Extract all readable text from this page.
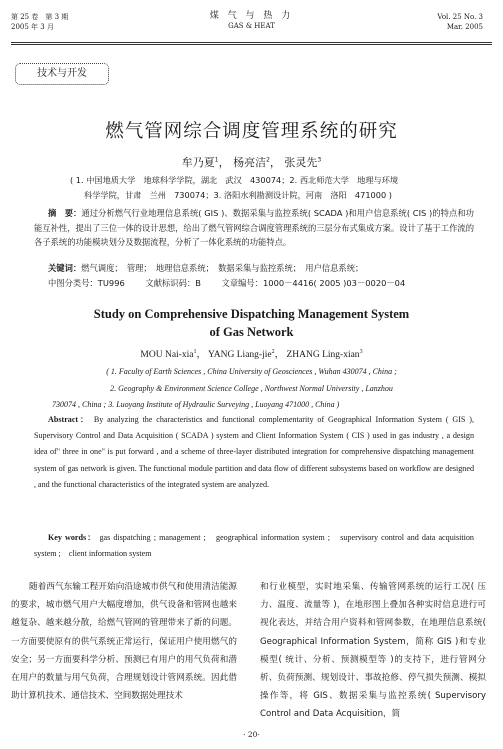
第 25 卷　第 3 期
2005 年 3 月
煤 气 与 热 力
GAS & HEAT
Vol. 25 No. 3
Mar. 2005
技术与开发
燃气管网综合调度管理系统的研究
牟乃夏$^1$， 杨亮洁$^2$， 张灵先$^3$
( 1. 中国地质大学　地球科学学院，湖北　武汉　430074；2. 西北师范大学　地理与环境
科学学院，甘肃　兰州　730074；3. 洛阳水利勘测设计院，河南　洛阳　471000 )
摘　要：通过分析燃气行业地理信息系统( GIS )、数据采集与监控系统( SCADA )和用户信息系统( CIS )的特点和功能互补性，提出了三位一体的设计思想，给出了燃气管网综合调度管理系统的三层分布式集成方案。设计了基于工作流的各子系统的功能模块划分及数据流程，分析了一体化系统的功能特点。
关键词：燃气调度；　管理；　地理信息系统；　数据采集与监控系统；　用户信息系统；
中图分类号：TU996 文献标识码：B 文章编号：1000－4416( 2005 )03－0020－04
Study on Comprehensive Dispatching Management System
of Gas Network
MOU Nai-xia$^1$， YANG Liang-jie$^2$， ZHANG Ling-xian$^3$
( 1. Faculty of Earth Sciences , China University of Geosciences , Wuhan 430074 , China ;
2. Geography & Environment Science College , Northwest Normal University , Lanzhou
730074 , China ; 3. Luoyang Institute of Hydraulic Surveying , Luoyang 471000 , China )
Abstract： By analyzing the characteristics and functional complementarity of Geographical Information System ( GIS ), Supervisory Control and Data Acquisition ( SCADA ) system and Client Information System ( CIS ) used in gas industry , a design idea of" three in one" is put forward , and a scheme of three-layer distributed integration for comprehensive dispatching management system of gas network is given. The functional module partition and data flow of different subsystems based on workflow are designed , and the functional characteristics of the integrated system are analyzed.
Key words： gas dispatching ; management ;　geographical information system ;　supervisory control and data acquisition system ;　client information system
随着西气东输工程开始向沿途城市供气和使用清洁能源的要求，城市燃气用户大幅度增加，供气设备和管网也越来越复杂、越来越分散，给燃气管网的管理带来了新的问题。一方面要使原有的供气系统正常运行，保证用户使用燃气的安全；另一方面要科学分析、预测已有用户的用气负荷和潜在用户的数量与用气负荷，合理规划设计管网系统。因此借助计算机技术、通信技术、空间数据处理技术
和行业模型，实时地采集、传输管网系统的运行工况( 压力、温度、流量等 )，在地形图上叠加各种实时信息进行可视化表达，并结合用户资料和管网参数，在地理信息系统( Geographical Information System，简称 GIS )和专业模型( 统计、分析、预测模型等 )的支持下，进行管网分析、负荷预测、规划设计、事故抢修、停气损失预测、模拟操作等，将 GIS、数据采集与监控系统( Supervisory Control and Data Acquisition，简
· 20·
